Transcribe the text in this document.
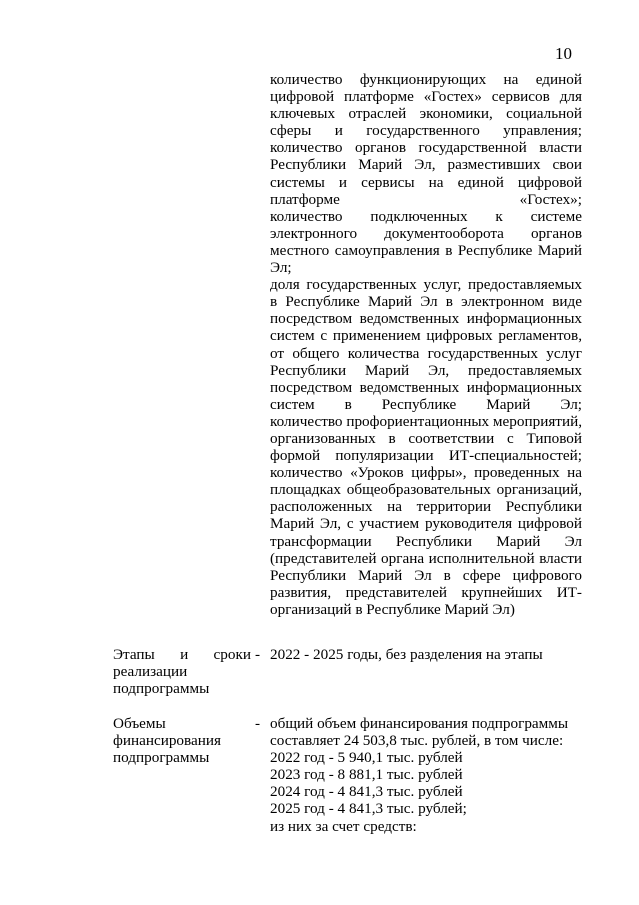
10

количество функционирующих на единой цифровой платформе «Гостех» сервисов для ключевых отраслей экономики, социальной сферы и государственного управления;

количество органов государственной власти Республики Марий Эл, разместивших свои системы и сервисы на единой цифровой платформе «Гостех»;

количество подключенных к системе электронного документооборота органов местного самоуправления в Республике Марий Эл;

доля государственных услуг, предоставляемых в Республике Марий Эл в электронном виде посредством ведомственных информационных систем с применением цифровых регламентов, от общего количества государственных услуг Республики Марий Эл, предоставляемых посредством ведомственных информационных систем в Республике Марий Эл;

количество профориентационных мероприятий, организованных в соответствии с Типовой формой популяризации ИТ-специальностей;

количество «Уроков цифры», проведенных на площадках общеобразовательных организаций, расположенных на территории Республики Марий Эл, с участием руководителя цифровой трансформации Республики Марий Эл (представителей органа исполнительной власти Республики Марий Эл в сфере цифрового развития, представителей крупнейших ИТ-организаций в Республике Марий Эл)

Этапы и сроки
реализации
подпрограммы
- 2022 - 2025 годы, без разделения на этапы
Объемы
финансирования
подпрограммы
- общий объем финансирования подпрограммы
составляет 24 503,8 тыс. рублей, в том числе:
2022 год - 5 940,1 тыс. рублей
2023 год - 8 881,1 тыс. рублей
2024 год - 4 841,3 тыс. рублей
2025 год - 4 841,3 тыс. рублей;
из них за счет средств:
